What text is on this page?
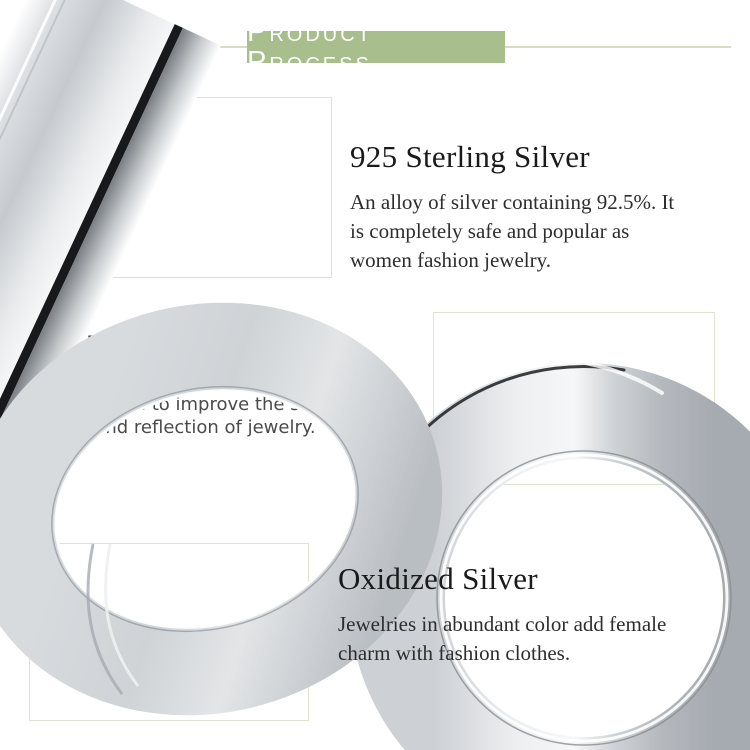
Product Process
925 Sterling Silver
An alloy of silver containing 92.5%. It
is completely safe and popular as
women fashion jewelry.
Polishing Process
Mass finishing process is
adapted to improve the shine
and reflection of jewelry.
Oxidized Silver
Jewelries in abundant color add female
charm with fashion clothes.
